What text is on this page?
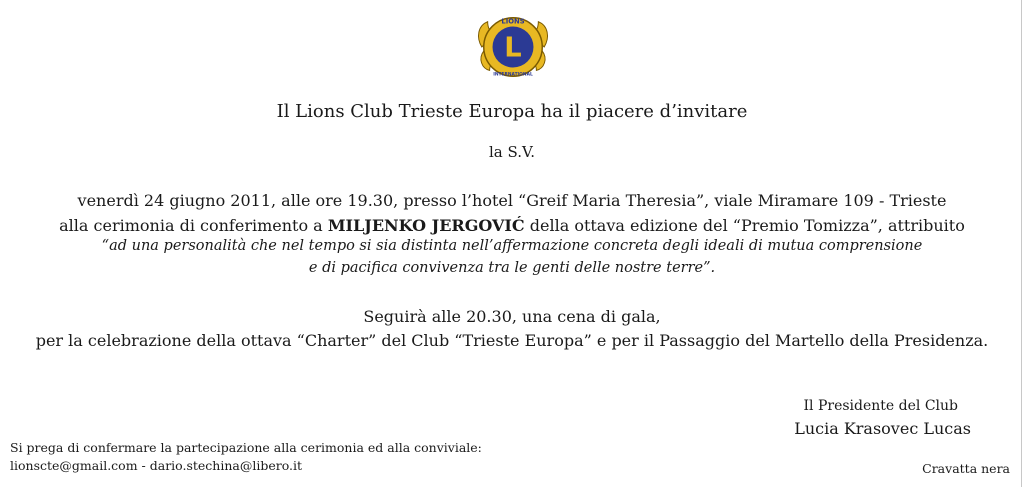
L
LIONS
INTERNATIONAL
Il Lions Club Trieste Europa ha il piacere d’invitare
la S.V.
venerdì 24 giugno 2011, alle ore 19.30, presso l’hotel “Greif Maria Theresia”, viale Miramare 109 - Trieste
alla cerimonia di conferimento a MILJENKO JERGOVIĆ della ottava edizione del “Premio Tomizza”, attribuito
“ad una personalità che nel tempo si sia distinta nell’affermazione concreta degli ideali di mutua comprensione
e di pacifica convivenza tra le genti delle nostre terre”.
Seguirà alle 20.30, una cena di gala,
per la celebrazione della ottava “Charter” del Club “Trieste Europa” e per il Passaggio del Martello della Presidenza.
Il Presidente del Club
Lucia Krasovec Lucas
Si prega di confermare la partecipazione alla cerimonia ed alla conviviale:
lionscte@gmail.com - dario.stechina@libero.it	Cravatta nera
